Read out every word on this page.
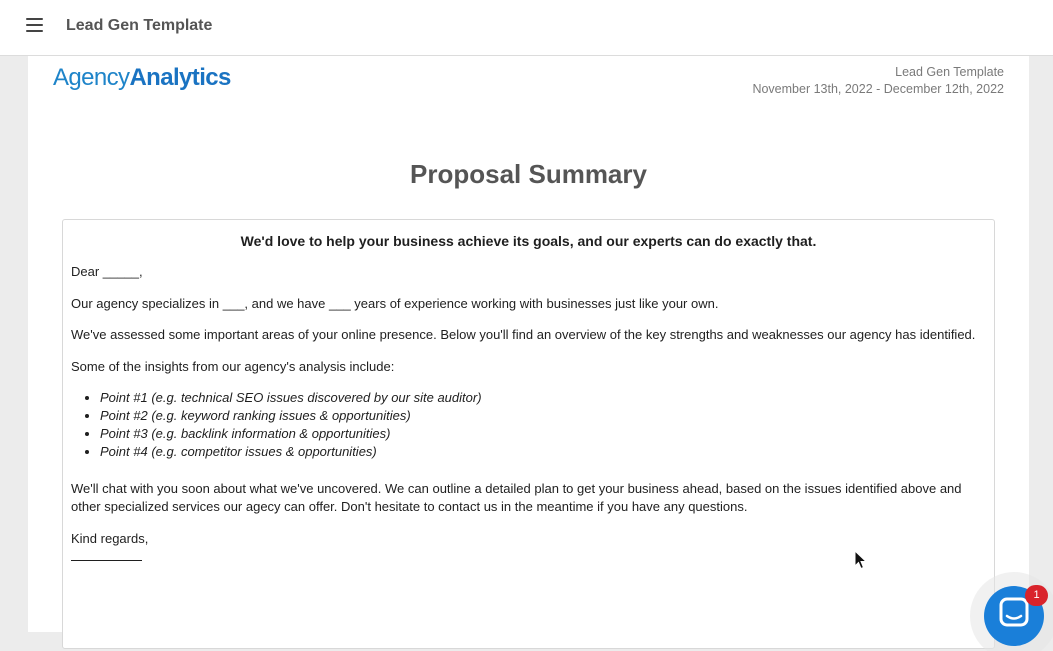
Lead Gen Template
AgencyAnalytics	Lead Gen Template
November 13th, 2022 - December 12th, 2022
Proposal Summary
We'd love to help your business achieve its goals, and our experts can do exactly that.

Dear _____,

Our agency specializes in ___, and we have ___ years of experience working with businesses just like your own.

We've assessed some important areas of your online presence. Below you'll find an overview of the key strengths and weaknesses our agency has identified.

Some of the insights from our agency's analysis include:

• Point #1 (e.g. technical SEO issues discovered by our site auditor)
• Point #2 (e.g. keyword ranking issues & opportunities)
• Point #3 (e.g. backlink information & opportunities)
• Point #4 (e.g. competitor issues & opportunities)

We'll chat with you soon about what we've uncovered. We can outline a detailed plan to get your business ahead, based on the issues identified above and other specialized services our agecy can offer. Don't hesitate to contact us in the meantime if you have any questions.

Kind regards,

1
